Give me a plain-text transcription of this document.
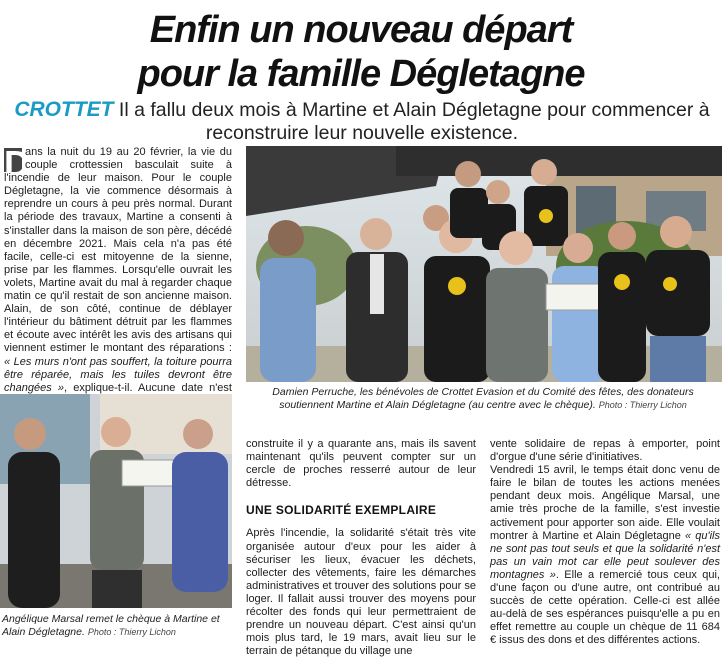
Enfin un nouveau départ
pour la famille Dégletagne
CROTTET Il a fallu deux mois à Martine et Alain Dégletagne pour commencer à reconstruire leur nouvelle existence.
D
ans la nuit du 19 au 20 février, la vie du couple crottessien basculait suite à l'incendie de leur maison. Pour le couple Dégletagne, la vie commence désormais à reprendre un cours à peu près normal. Durant la période des travaux, Martine a consenti à s'installer dans la maison de son père, décédé en décembre 2021. Mais cela n'a pas été facile, celle-ci est mitoyenne de la sienne, prise par les flammes. Lorsqu'elle ouvrait les volets, Martine avait du mal à regarder chaque matin ce qu'il restait de son ancienne maison. Alain, de son côté, continue de déblayer l'intérieur du bâtiment détruit par les flammes et écoute avec intérêt les avis des artisans qui viennent estimer le montant des réparations : « Les murs n'ont pas souffert, la toiture pourra être réparée, mais les tuiles devront être changées », explique-t-il. Aucune date n'est	Damien Perruche, les bénévoles de Crottet Evasion et du Comité des fêtes, des donateurs soutiennent Martine et Alain Dégletagne (au centre avec le chèque). Photo : Thierry Lichon
Angélique Marsal remet le chèque à Martine et Alain Dégletagne. Photo : Thierry Lichon

construite il y a quarante ans, mais ils savent maintenant qu'ils peuvent compter sur un cercle de proches resserré autour de leur détresse.

UNE SOLIDARITÉ EXEMPLAIRE

Après l'incendie, la solidarité s'était très vite organisée autour d'eux pour les aider à sécuriser les lieux, évacuer les déchets, collecter des vêtements, faire les démarches administratives et trouver des solutions pour se loger. Il fallait aussi trouver des moyens pour récolter des fonds qui leur permettraient de prendre un nouveau départ. C'est ainsi qu'un mois plus tard, le 19 mars, avait lieu sur le terrain de pétanque du village une

vente solidaire de repas à emporter, point d'orgue d'une série d'initiatives.

Vendredi 15 avril, le temps était donc venu de faire le bilan de toutes les actions menées pendant deux mois. Angélique Marsal, une amie très proche de la famille, s'est investie activement pour apporter son aide. Elle voulait montrer à Martine et Alain Dégletagne « qu'ils ne sont pas tout seuls et que la solidarité n'est pas un vain mot car elle peut soulever des montagnes ». Elle a remercié tous ceux qui, d'une façon ou d'une autre, ont contribué au succès de cette opération. Celle-ci est allée au-delà de ses espérances puisqu'elle a pu en effet remettre au couple un chèque de 11 684 € issus des dons et des différentes actions.
